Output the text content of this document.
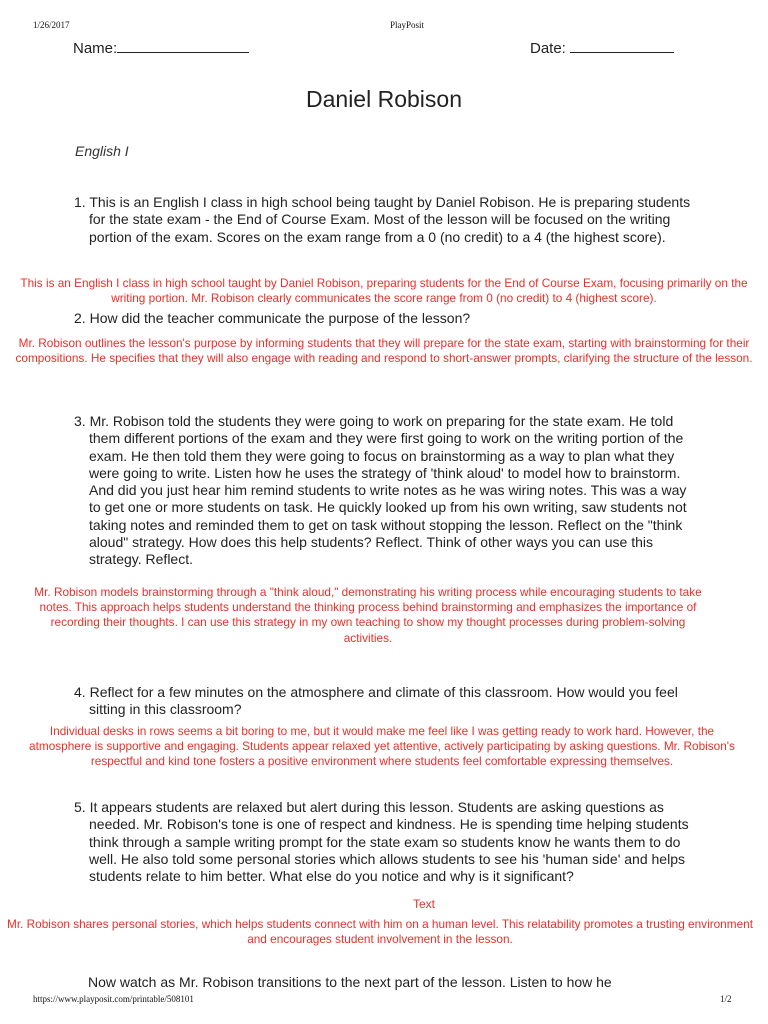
1/26/2017	PlayPosit
Name:	Date:
Daniel Robison
English I

1. This is an English I class in high school being taught by Daniel Robison. He is preparing students for the state exam - the End of Course Exam. Most of the lesson will be focused on the writing portion of the exam. Scores on the exam range from a 0 (no credit) to a 4 (the highest score).

This is an English I class in high school taught by Daniel Robison, preparing students for the End of Course Exam, focusing primarily on the writing portion. Mr. Robison clearly communicates the score range from 0 (no credit) to 4 (highest score).

2. How did the teacher communicate the purpose of the lesson?

Mr. Robison outlines the lesson's purpose by informing students that they will prepare for the state exam, starting with brainstorming for their compositions. He specifies that they will also engage with reading and respond to short-answer prompts, clarifying the structure of the lesson.

3. Mr. Robison told the students they were going to work on preparing for the state exam. He told them different portions of the exam and they were first going to work on the writing portion of the exam. He then told them they were going to focus on brainstorming as a way to plan what they were going to write. Listen how he uses the strategy of 'think aloud' to model how to brainstorm. And did you just hear him remind students to write notes as he was wiring notes. This was a way to get one or more students on task. He quickly looked up from his own writing, saw students not taking notes and reminded them to get on task without stopping the lesson. Reflect on the "think aloud" strategy. How does this help students? Reflect. Think of other ways you can use this strategy. Reflect.

Mr. Robison models brainstorming through a "think aloud," demonstrating his writing process while encouraging students to take notes. This approach helps students understand the thinking process behind brainstorming and emphasizes the importance of recording their thoughts. I can use this strategy in my own teaching to show my thought processes during problem-solving activities.

4. Reflect for a few minutes on the atmosphere and climate of this classroom. How would you feel sitting in this classroom?

Individual desks in rows seems a bit boring to me, but it would make me feel like I was getting ready to work hard. However, the atmosphere is supportive and engaging. Students appear relaxed yet attentive, actively participating by asking questions. Mr. Robison's respectful and kind tone fosters a positive environment where students feel comfortable expressing themselves.

5. It appears students are relaxed but alert during this lesson. Students are asking questions as needed. Mr. Robison's tone is one of respect and kindness. He is spending time helping students think through a sample writing prompt for the state exam so students know he wants them to do well. He also told some personal stories which allows students to see his 'human side' and helps students relate to him better. What else do you notice and why is it significant?

Text

Mr. Robison shares personal stories, which helps students connect with him on a human level. This relatability promotes a trusting environment and encourages student involvement in the lesson.

Now watch as Mr. Robison transitions to the next part of the lesson. Listen to how he

https://www.playposit.com/printable/508101	1/2
